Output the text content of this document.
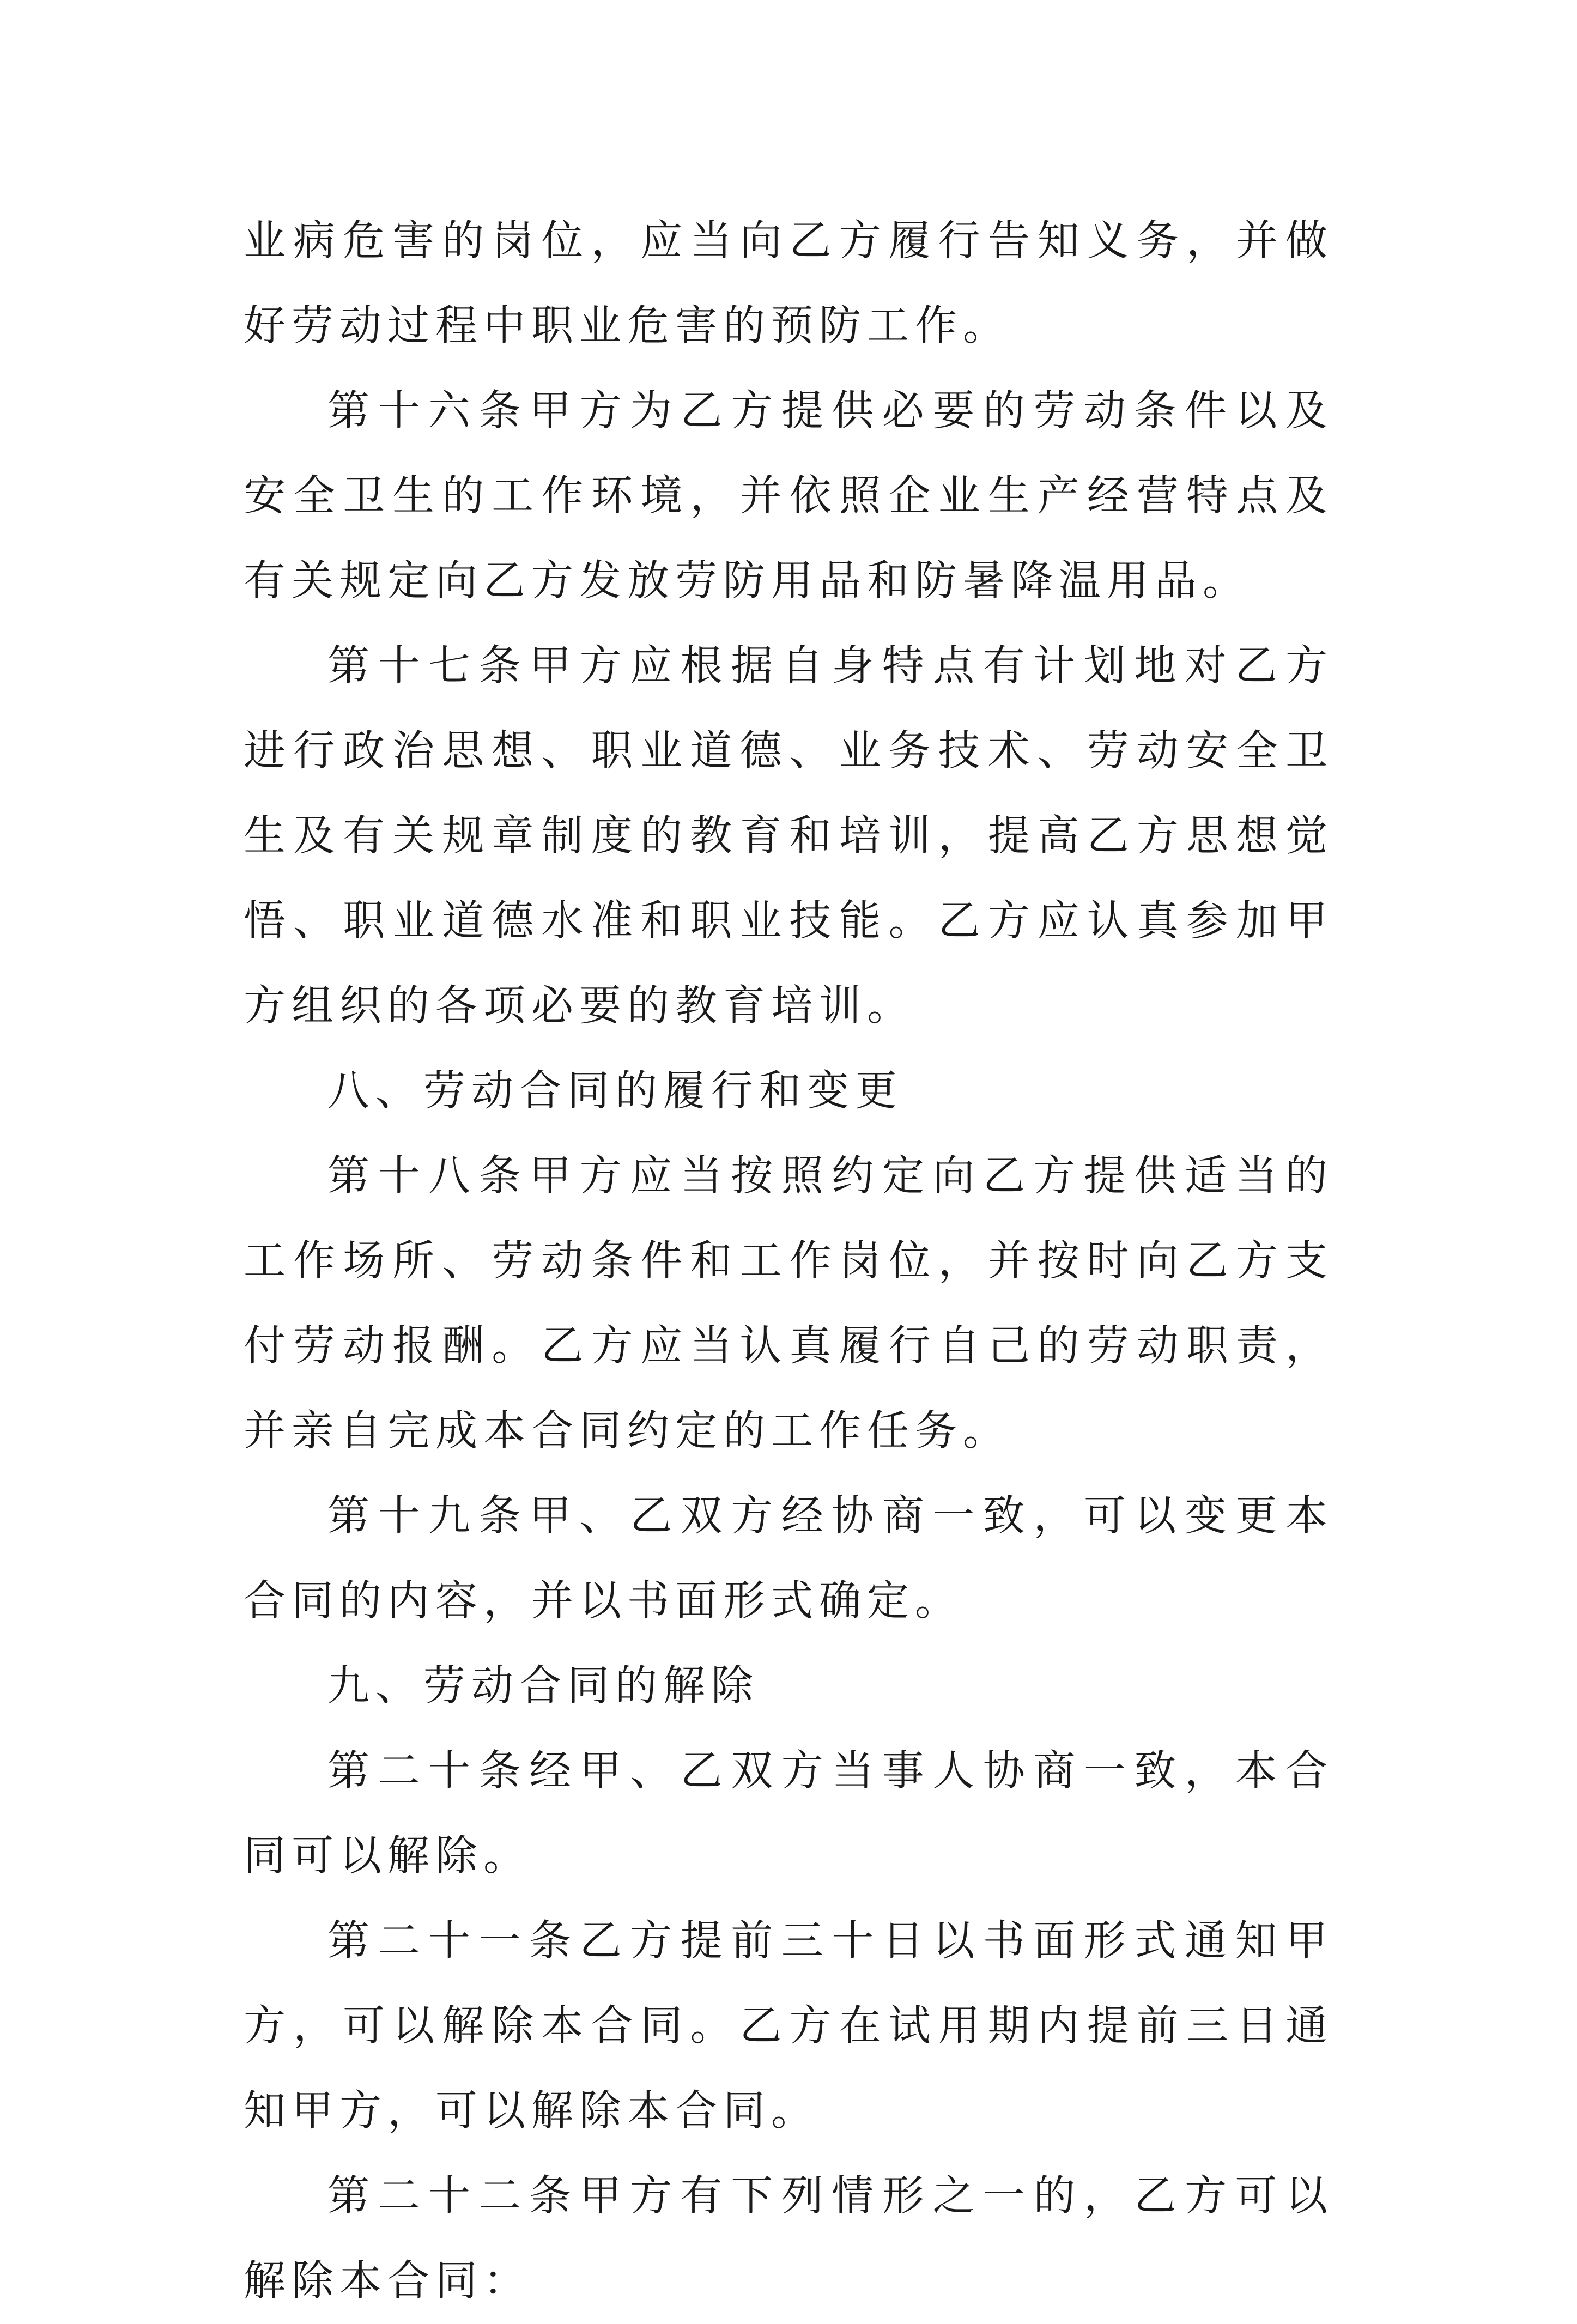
业病危害的岗位，应当向乙方履行告知义务，并做好劳动过程中职业危害的预防工作。

第十六条甲方为乙方提供必要的劳动条件以及安全卫生的工作环境，并依照企业生产经营特点及有关规定向乙方发放劳防用品和防暑降温用品。

第十七条甲方应根据自身特点有计划地对乙方进行政治思想、职业道德、业务技术、劳动安全卫生及有关规章制度的教育和培训，提高乙方思想觉悟、职业道德水准和职业技能。乙方应认真参加甲方组织的各项必要的教育培训。

八、劳动合同的履行和变更

第十八条甲方应当按照约定向乙方提供适当的工作场所、劳动条件和工作岗位，并按时向乙方支付劳动报酬。乙方应当认真履行自己的劳动职责，并亲自完成本合同约定的工作任务。

第十九条甲、乙双方经协商一致，可以变更本合同的内容，并以书面形式确定。

九、劳动合同的解除

第二十条经甲、乙双方当事人协商一致，本合同可以解除。

第二十一条乙方提前三十日以书面形式通知甲方，可以解除本合同。乙方在试用期内提前三日通知甲方，可以解除本合同。

第二十二条甲方有下列情形之一的，乙方可以解除本合同：
